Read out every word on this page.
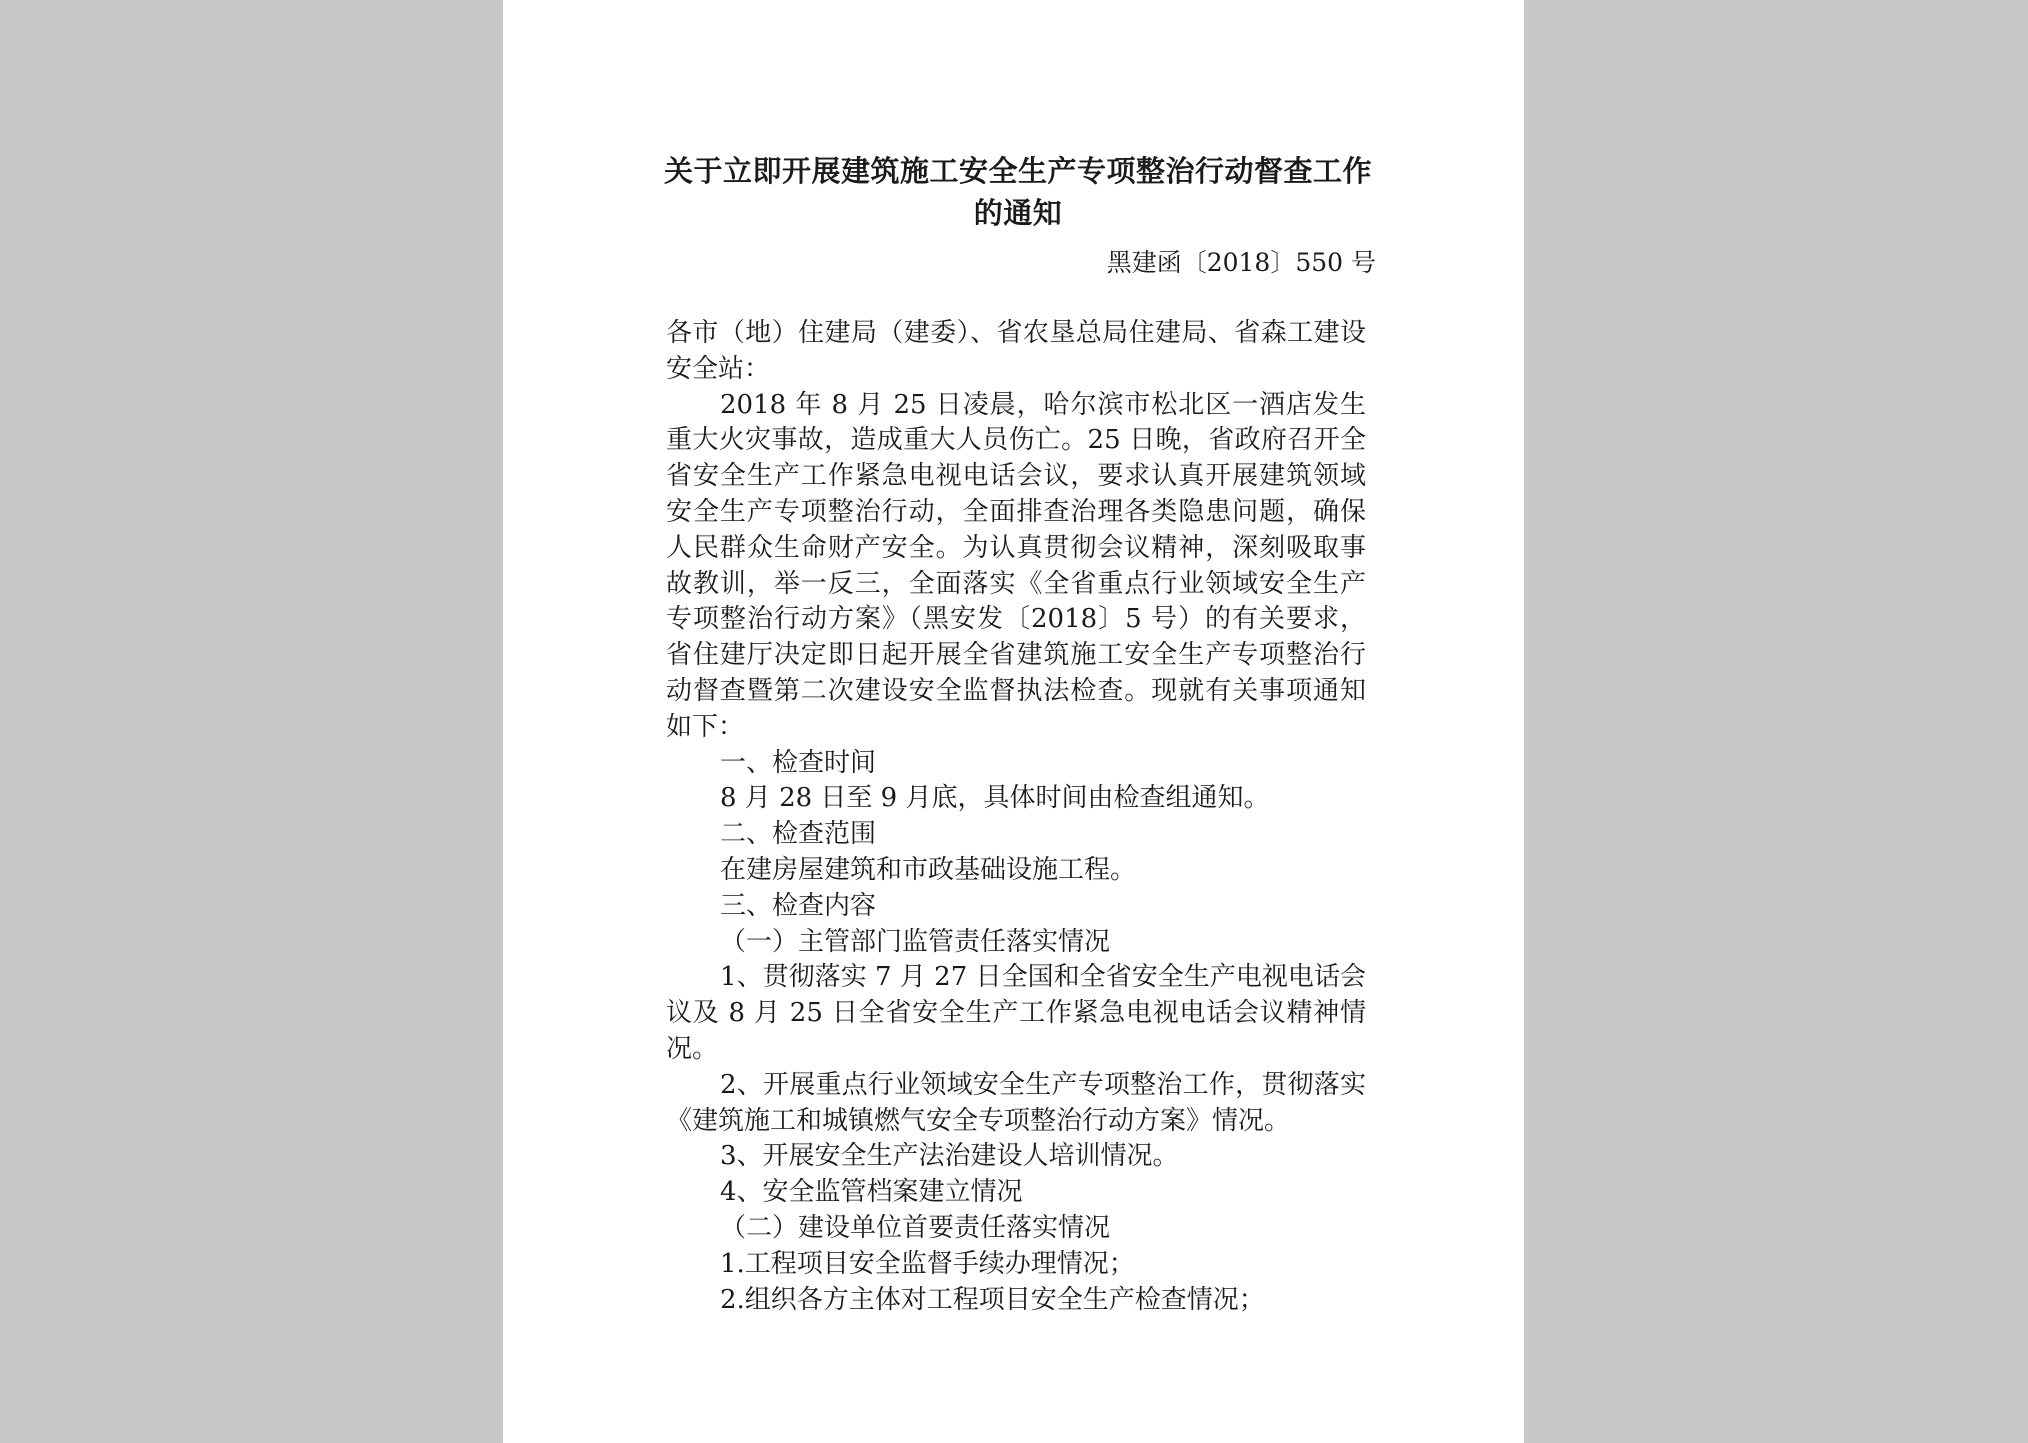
关于立即开展建筑施工安全生产专项整治行动督查工作的通知
黑建函〔2018〕550 号
各市（地）住建局（建委）、省农垦总局住建局、省森工建设安全站：

2018 年 8 月 25 日凌晨，哈尔滨市松北区一酒店发生重大火灾事故，造成重大人员伤亡。25 日晚，省政府召开全省安全生产工作紧急电视电话会议，要求认真开展建筑领域安全生产专项整治行动，全面排查治理各类隐患问题，确保人民群众生命财产安全。为认真贯彻会议精神，深刻吸取事故教训，举一反三，全面落实《全省重点行业领域安全生产专项整治行动方案》（黑安发〔2018〕5 号）的有关要求，省住建厅决定即日起开展全省建筑施工安全生产专项整治行动督查暨第二次建设安全监督执法检查。现就有关事项通知如下：

一、检查时间

8 月 28 日至 9 月底，具体时间由检查组通知。

二、检查范围

在建房屋建筑和市政基础设施工程。

三、检查内容

（一）主管部门监管责任落实情况

1、贯彻落实 7 月 27 日全国和全省安全生产电视电话会议及 8 月 25 日全省安全生产工作紧急电视电话会议精神情况。

2、开展重点行业领域安全生产专项整治工作，贯彻落实《建筑施工和城镇燃气安全专项整治行动方案》情况。

3、开展安全生产法治建设人培训情况。

4、安全监管档案建立情况

（二）建设单位首要责任落实情况

1.工程项目安全监督手续办理情况；

2.组织各方主体对工程项目安全生产检查情况；
